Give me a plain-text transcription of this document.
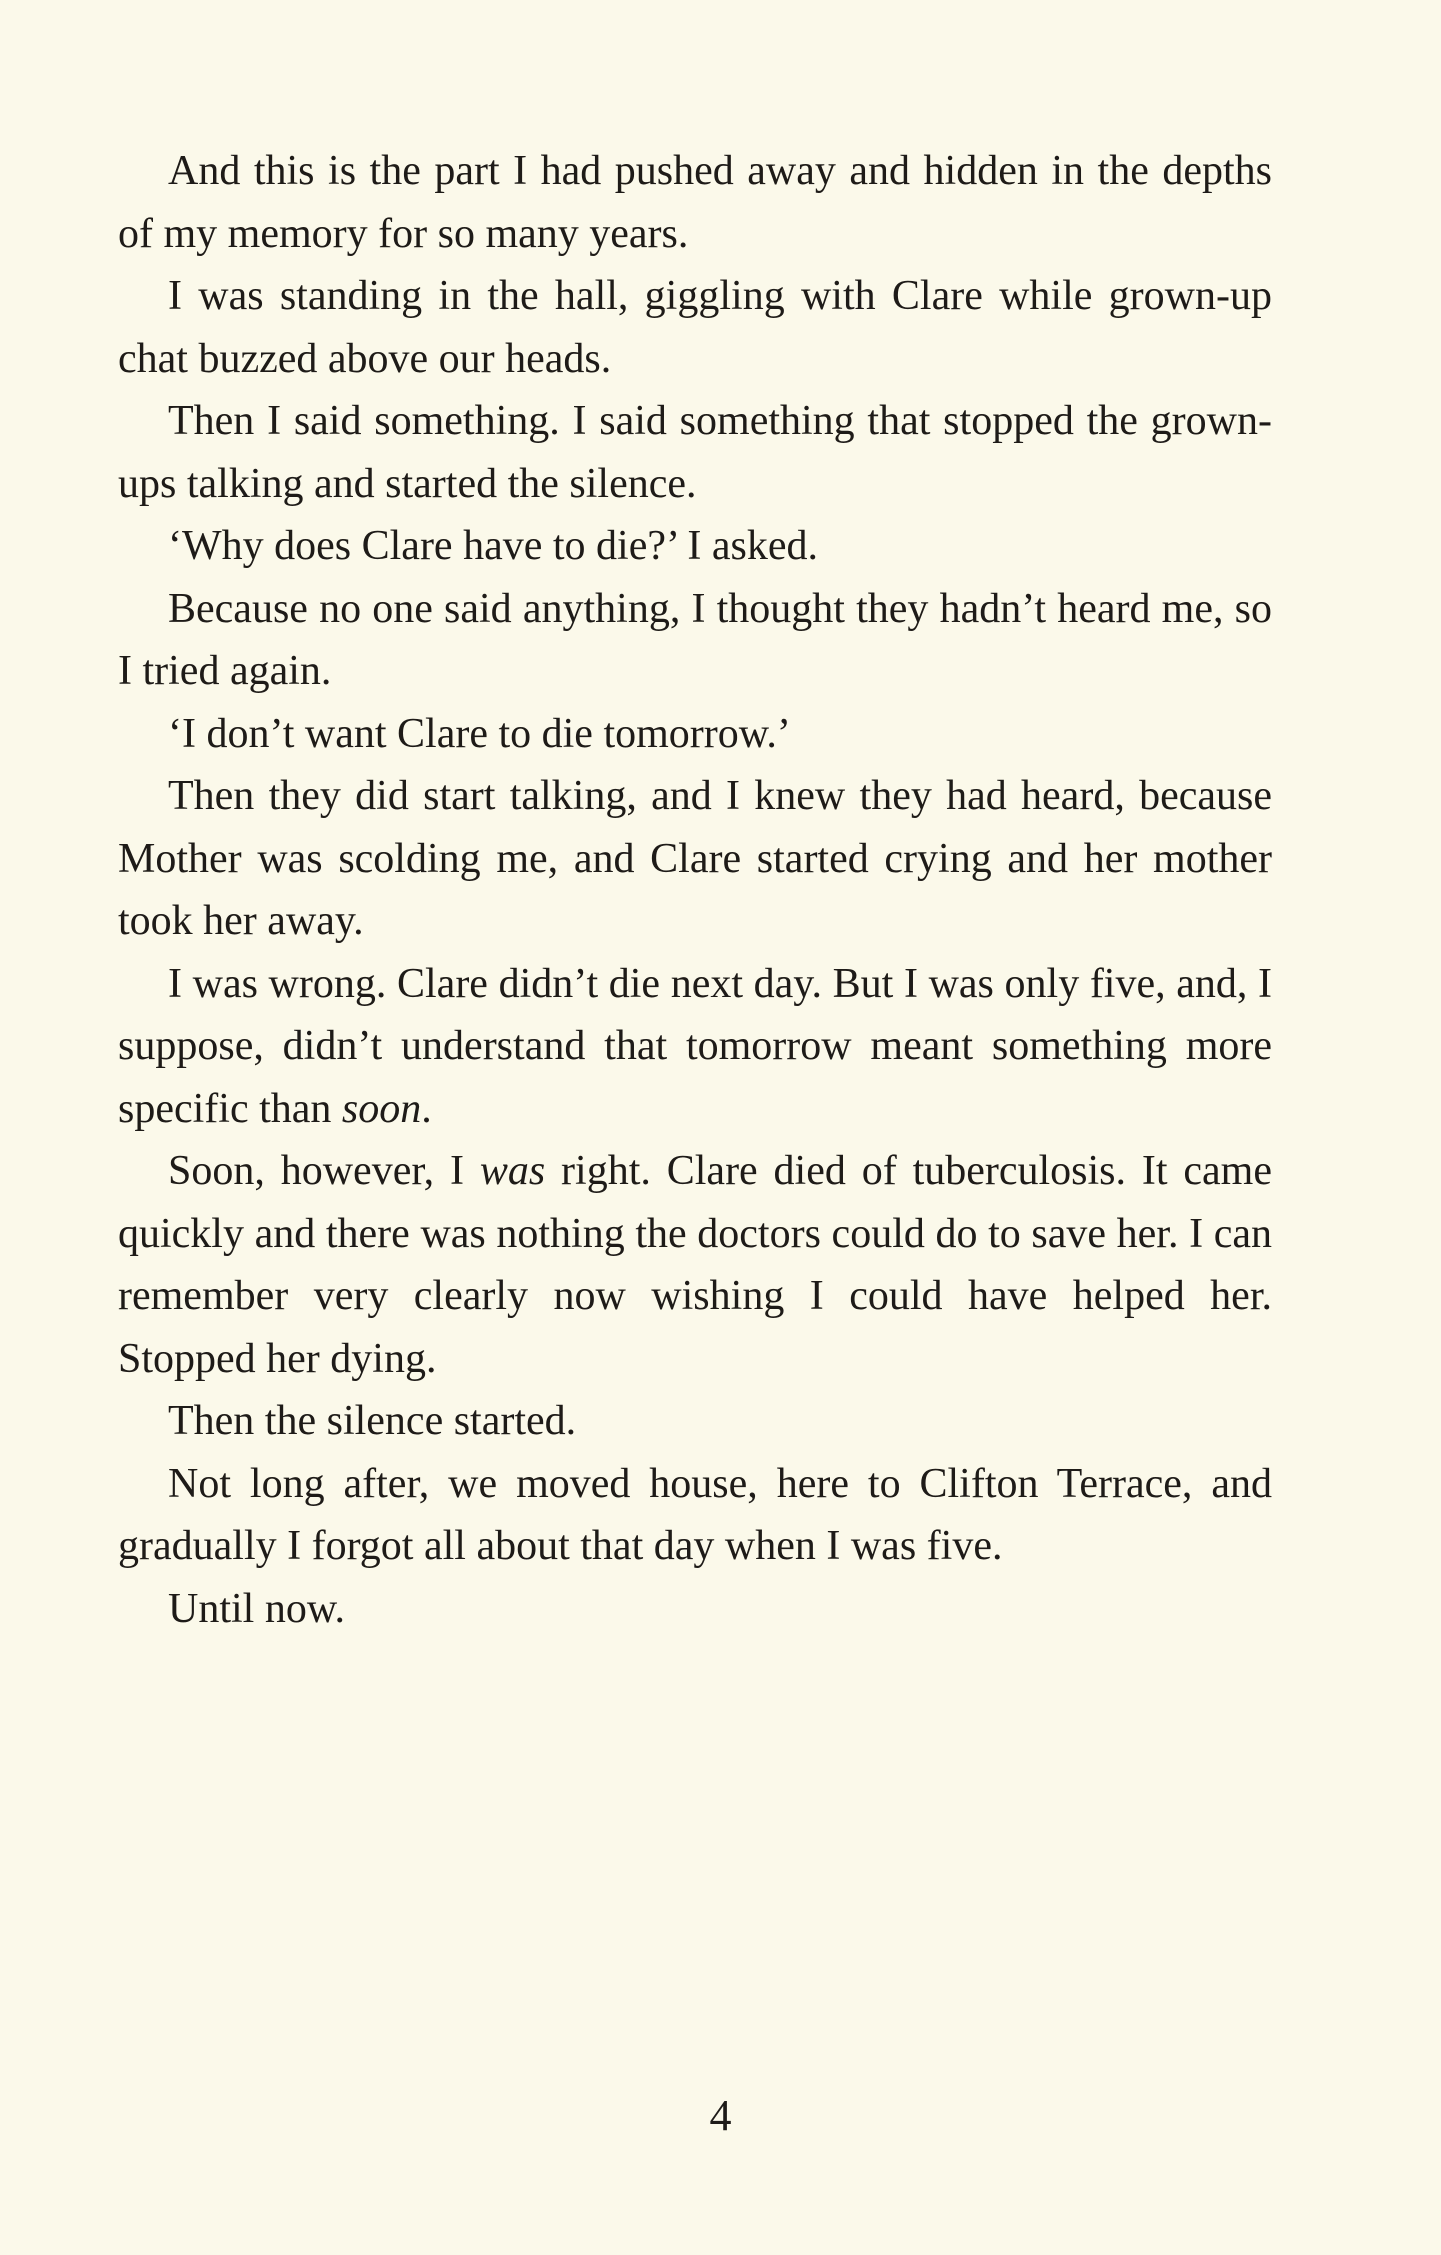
And this is the part I had pushed away and hidden in the depths of my memory for so many years.

I was standing in the hall, giggling with Clare while grown-up chat buzzed above our heads.

Then I said something. I said something that stopped the grown-ups talking and started the silence.

‘Why does Clare have to die?’ I asked.

Because no one said anything, I thought they hadn’t heard me, so I tried again.

‘I don’t want Clare to die tomorrow.’

Then they did start talking, and I knew they had heard, because Mother was scolding me, and Clare started crying and her mother took her away.

I was wrong. Clare didn’t die next day. But I was only five, and, I suppose, didn’t understand that tomorrow meant something more specific than soon.

Soon, however, I was right. Clare died of tuberculosis. It came quickly and there was nothing the doctors could do to save her. I can remember very clearly now wishing I could have helped her. Stopped her dying.

Then the silence started.

Not long after, we moved house, here to Clifton Terrace, and gradually I forgot all about that day when I was five.

Until now.

4
